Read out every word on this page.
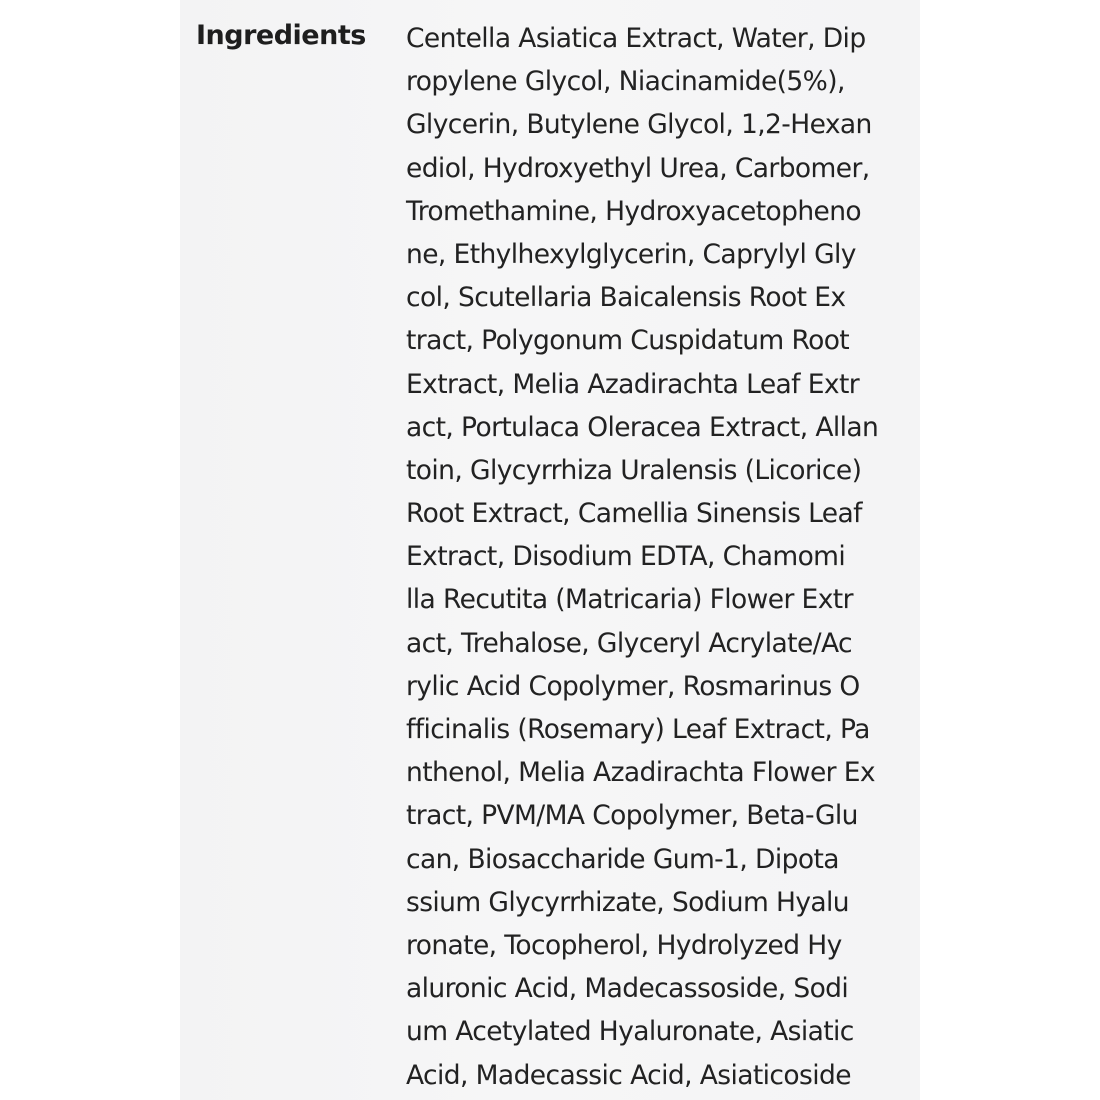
Ingredients Centella Asiatica Extract, Water, Dip
ropylene Glycol, Niacinamide(5%),
Glycerin, Butylene Glycol, 1,2-Hexan
ediol, Hydroxyethyl Urea, Carbomer,
Tromethamine, Hydroxyacetopheno
ne, Ethylhexylglycerin, Caprylyl Gly
col, Scutellaria Baicalensis Root Ex
tract, Polygonum Cuspidatum Root
Extract, Melia Azadirachta Leaf Extr
act, Portulaca Oleracea Extract, Allan
toin, Glycyrrhiza Uralensis (Licorice)
Root Extract, Camellia Sinensis Leaf
Extract, Disodium EDTA, Chamomi
lla Recutita (Matricaria) Flower Extr
act, Trehalose, Glyceryl Acrylate/Ac
rylic Acid Copolymer, Rosmarinus O
fficinalis (Rosemary) Leaf Extract, Pa
nthenol, Melia Azadirachta Flower Ex
tract, PVM/MA Copolymer, Beta-Glu
can, Biosaccharide Gum-1, Dipota
ssium Glycyrrhizate, Sodium Hyalu
ronate, Tocopherol, Hydrolyzed Hy
aluronic Acid, Madecassoside, Sodi
um Acetylated Hyaluronate, Asiatic
Acid, Madecassic Acid, Asiaticoside
